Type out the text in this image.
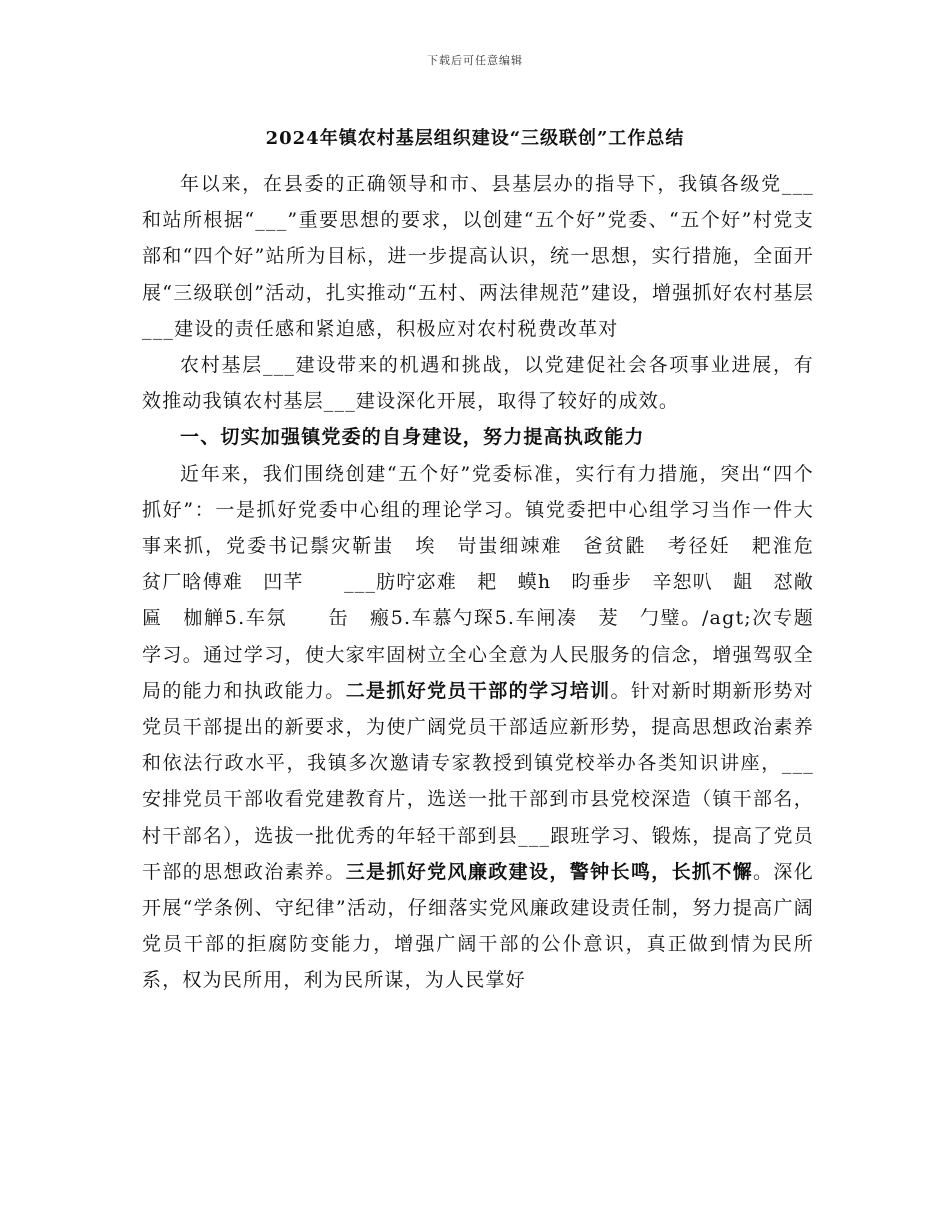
下载后可任意编辑
2024年镇农村基层组织建设“三级联创”工作总结

年以来，在县委的正确领导和市、县基层办的指导下，我镇各级党___和站所根据“___”重要思想的要求，以创建“五个好”党委、“五个好”村党支部和“四个好”站所为目标，进一步提高认识，统一思想，实行措施，全面开展“三级联创”活动，扎实推动“五村、两法律规范”建设，增强抓好农村基层___建设的责任感和紧迫感，积极应对农村税费改革对

农村基层___建设带来的机遇和挑战，以党建促社会各项事业进展，有效推动我镇农村基层___建设深化开展，取得了较好的成效。

一、切实加强镇党委的自身建设，努力提高执政能力

近年来，我们围绕创建“五个好”党委标准，实行有力措施，突出“四个抓好”：一是抓好党委中心组的理论学习。镇党委把中心组学习当作一件大事来抓，党委书记鬃灾靳蚩　埃　岢蚩细竦难　爸贫鼪　考径妊　耙淮危　贫厂晗傅难　凹芊　　___肪咛宓难　耙　蟆h　昀垂步　辛恕叭　龃　怼敞匾　枷觯5.车氛　　缶　瘢5.车慕勺琛5.车闸凑　茇　勹璧。/agt;次专题学习。通过学习，使大家牢固树立全心全意为人民服务的信念，增强驾驭全局的能力和执政能力。二是抓好党员干部的学习培训。针对新时期新形势对党员干部提出的新要求，为使广阔党员干部适应新形势，提高思想政治素养和依法行政水平，我镇多次邀请专家教授到镇党校举办各类知识讲座，___安排党员干部收看党建教育片，选送一批干部到市县党校深造（镇干部名，村干部名），选拔一批优秀的年轻干部到县___跟班学习、锻炼，提高了党员干部的思想政治素养。三是抓好党风廉政建设，警钟长鸣，长抓不懈。深化开展“学条例、守纪律”活动，仔细落实党风廉政建设责任制，努力提高广阔党员干部的拒腐防变能力，增强广阔干部的公仆意识，真正做到情为民所系，权为民所用，利为民所谋，为人民掌好
